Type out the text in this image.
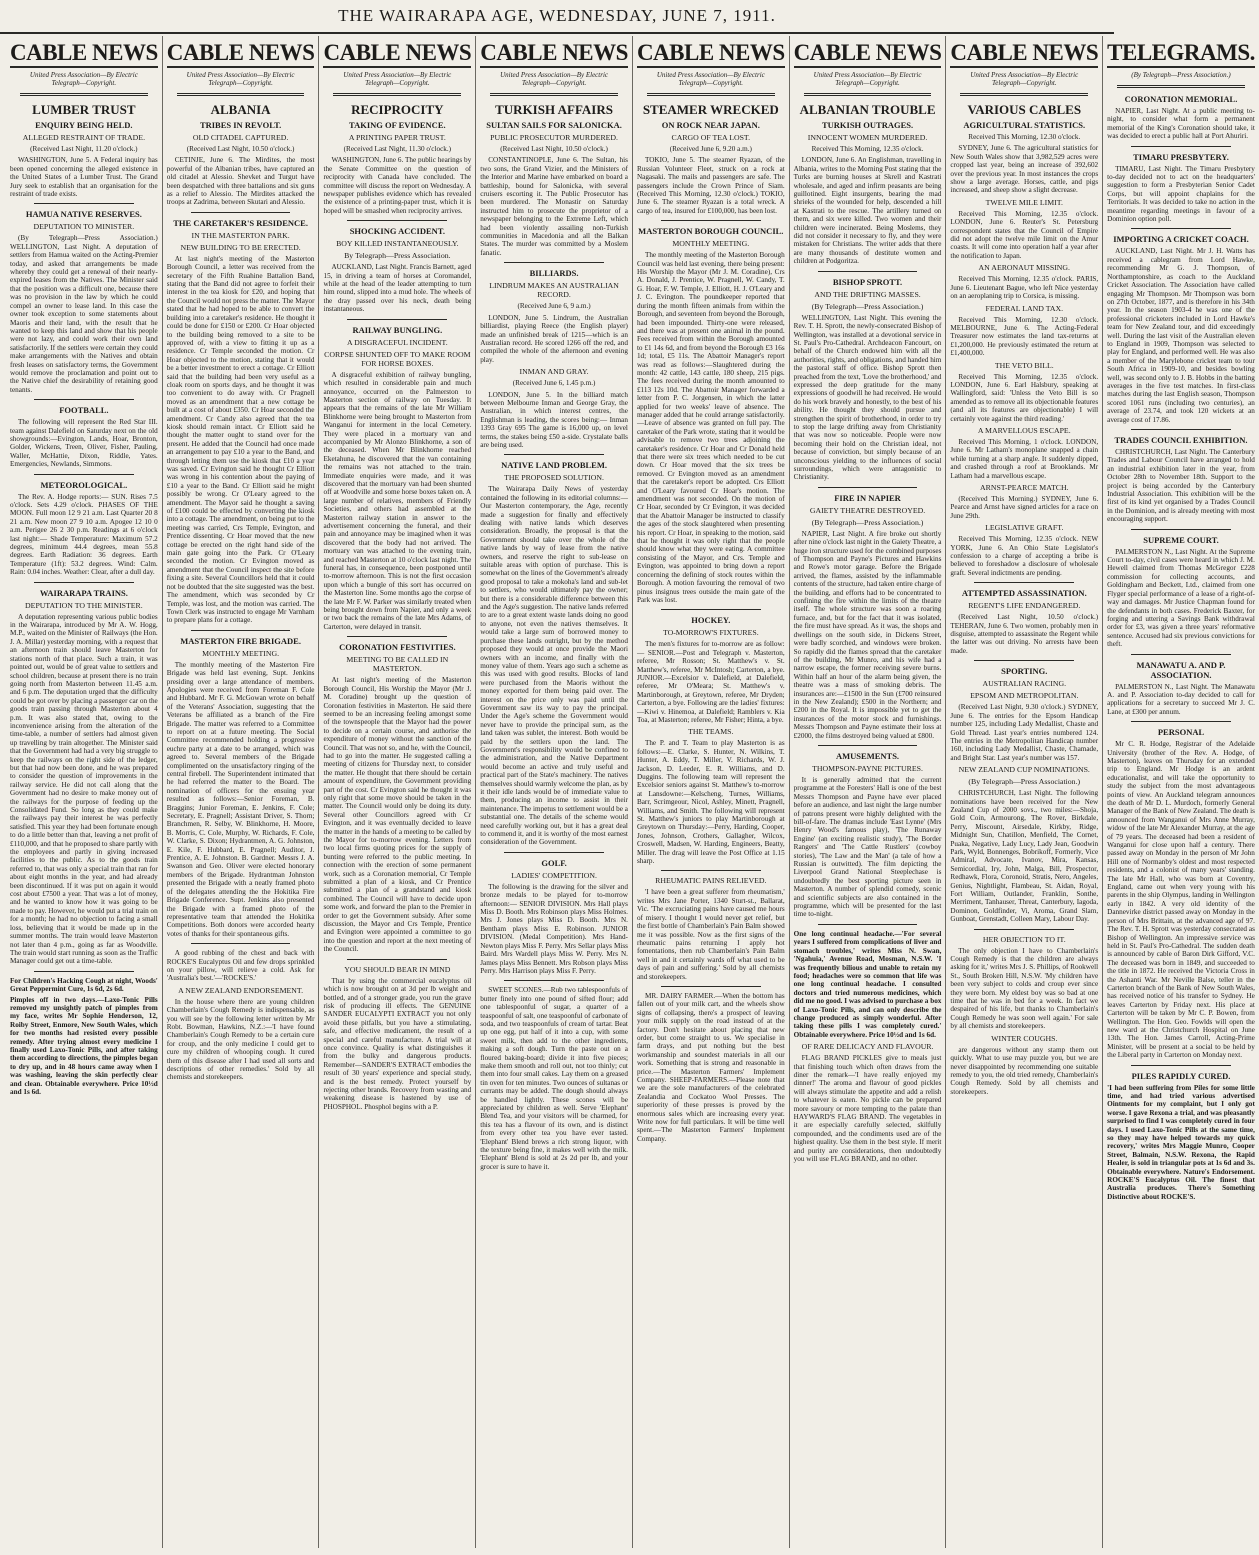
THE WAIRARAPA AGE, WEDNESDAY, JUNE 7, 1911.
CABLE NEWS
United Press Association—By Electric Telegraph—Copyright.
LUMBER TRUST
ENQUIRY BEING HELD.
ALLEGED RESTRAINT OF TRADE.
(Received Last Night, 11.20 o'clock.)

WASHINGTON, June 5. A Federal inquiry has been opened concerning the alleged existence in the United States of a Lumber Trust. The Grand Jury seek to establish that an organisation for the restraint of trade exists.

HAMUA NATIVE RESERVES.
DEPUTATION TO MINISTER.

(By Telegraph—Press Association.) WELLINGTON, Last Night. A deputation of settlers from Hamua waited on the Acting-Premier today, and asked that arrangements be made whereby they could get a renewal of their nearly-expired leases from the Natives. The Minister said that the position was a difficult one, because there was no provision in the law by which he could compel an owner to lease land. In this case the owner took exception to some statements about Maoris and their land, with the result that he wanted to keep this land and show that his people were not lazy, and could work their own land satisfactorily. If the settlers were certain they could make arrangements with the Natives and obtain fresh leases on satisfactory terms, the Government would remove the proclamation and point out to the Native chief the desirability of retaining good tenants.

FOOTBALL.

The following will represent the Red Star III. team against Dalefield on Saturday next on the old showgrounds:—Evington, Lands, Hoar, Bronton, Golder, Wickens, Treen, Oliver, Fisher, Pauling, Waller, McHattie, Dixon, Riddle, Yates. Emergencies, Newlands, Simmons.

METEOROLOGICAL.

The Rev. A. Hodge reports:— SUN. Rises 7.5 o'clock. Sets 4.29 o'clock. PHASES OF THE MOON. Full moon 12 9 21 a.m. Last Quarter 20 8 21 a.m. New moon 27 9 10 a.m. Apogee 12 10 0 a.m. Perigee 26 2 30 p.m. Readings at 6 o'clock last night:— Shade Temperature: Maximum 57.2 degrees, minimum 44.4 degrees, mean 55.8 degrees. Earth Radiation: 36 degrees. Earth Temperature (1ft): 53.2 degrees. Wind: Calm. Rain: 0.04 inches. Weather: Clear, after a dull day.

WAIRARAPA TRAINS.
DEPUTATION TO THE MINISTER.

A deputation representing various public bodies in the Wairarapa, introduced by Mr A. W. Hogg, M.P., waited on the Minister of Railways (the Hon. J. A. Millar) yesterday morning, with a request that an afternoon train should leave Masterton for stations north of that place. Such a train, it was pointed out, would be of great value to settlers and school children, because at present there is no train going north from Masterton between 11.45 a.m. and 6 p.m. The deputation urged that the difficulty could be got over by placing a passenger car on the goods train passing through Masterton about 4 p.m. It was also stated that, owing to the inconvenience arising from the alteration of the time-table, a number of settlers had almost given up travelling by train altogether. The Minister said that the Government had had a very big struggle to keep the railways on the right side of the ledger, but that had now been done, and he was prepared to consider the question of improvements in the railway service. He did not call along that the Government had no desire to make money out of the railways for the purpose of feeding up the Consolidated Fund. So long as they could make the railways pay their interest he was perfectly satisfied. This year they had been fortunate enough to do a little better than that, leaving a net profit of £110,000, and that he proposed to share partly with the employees and partly in giving increased facilities to the public. As to the goods train referred to, that was only a special train that ran for about eight months in the year, and had already been discontinued. If it was put on again it would cost about £7500 a year. That was a lot of money, and he wanted to know how it was going to be made to pay. However, he would put a trial train on for a month; he had no objection to facing a small loss, believing that it would be made up in the summer months. The train would leave Masterton not later than 4 p.m., going as far as Woodville. The train would start running as soon as the Traffic Manager could get out a time-table.

For Children's Hacking Cough at night, Woods' Great Peppermint Cure, 1s 6d, 2s 6d.

Pimples off in two days.—Laxo-Tonic Pills removed my unsightly patch of pimples from my face, writes Mr Sophie Henderson, 12, Roiby Street, Enmore, New South Wales, which for two months had resisted every possible remedy. After trying almost every medicine I finally used Laxo-Tonic Pills, and after taking them according to directions, the pimples began to dry up, and in 48 hours came away when I was washing, leaving the skin perfectly clear and clean. Obtainable everywhere. Price 10½d and 1s 6d.

CABLE NEWS
United Press Association—By Electric Telegraph—Copyright.
ALBANIA
TRIBES IN REVOLT.
OLD CITADEL CAPTURED.
(Received Last Night, 10.50 o'clock.)

CETINJE, June 6. The Mirdites, the most powerful of the Albanian tribes, have captured an old citadel at Alessio. Shevket and Turgut have been despatched with three battalions and six guns as a relief to Alessio. The Mirdites attacked the troops at Zadrima, between Skutari and Alessio.

THE CARETAKER'S RESIDENCE.
IN THE MASTERTON PARK.
NEW BUILDING TO BE ERECTED.

At last night's meeting of the Masterton Borough Council, a letter was received from the secretary of the Fifth Ruahine Battalion Band, stating that the Band did not agree to forfeit their interest in the tea kiosk for £20, and hoping that the Council would not press the matter. The Mayor stated that he had hoped to be able to convert the building into a caretaker's residence. He thought it could be done for £150 or £200. Cr Hoar objected to the building being removed to a site to be approved of, with a view to fitting it up as a residence. Cr Temple seconded the motion. Cr Hoar objected to the motion, stating that it would be a better investment to erect a cottage. Cr Elliott said that the building had been very useful as a cloak room on sports days, and he thought it was too convenient to do away with. Cr Pragnell moved as an amendment that a new cottage be built at a cost of about £350. Cr Hoar seconded the amendment. Cr Candy also agreed that the tea kiosk should remain intact. Cr Elliott said he thought the matter ought to stand over for the present. He added that the Council had once made an arrangement to pay £10 a year to the Band, and through letting them use the kiosk that £10 a year was saved. Cr Evington said he thought Cr Elliott was wrong in his contention about the paying of £10 a year to the Band. Cr Elliott said he might possibly be wrong. Cr O'Leary agreed to the amendment. The Mayor said he thought a saving of £100 could be effected by converting the kiosk into a cottage. The amendment, on being put to the meeting was carried, Crs Temple, Evington, and Prentice dissenting. Cr Hoar moved that the new cottage be erected on the right hand side of the main gate going into the Park. Cr O'Leary seconded the motion. Cr Evington moved as amendment that the Council inspect the site before fixing a site. Several Councillors held that it could not be doubted that the site suggested was the best. The amendment, which was seconded by Cr Temple, was lost, and the motion was carried. The Town Clerk was instructed to engage Mr Varnham to prepare plans for a cottage.

MASTERTON FIRE BRIGADE.
MONTHLY MEETING.

The monthly meeting of the Masterton Fire Brigade was held last evening, Supt. Jenkins presiding over a large attendance of members. Apologies were received from Foreman F. Cole and Hubbard. Mr F. G. McGowan wrote on behalf of the Veterans' Association, suggesting that the Veterans be affiliated as a branch of the Fire Brigade. The matter was referred to a Committee to report on at a future meeting. The Social Committee recommended holding a progressive euchre party at a date to be arranged, which was agreed to. Several members of the Brigade complimented on the unsatisfactory ringing of the central firebell. The Superintendent intimated that he had referred the matter to the Board. The nomination of officers for the ensuing year resulted as follows:—Senior Foreman, B. Braggins; Junior Foreman, E. Jenkins, F. Cole; Secretary, E. Pragnell; Assistant Driver, S. Thorn; Branchmen, R. Selby, W. Blinkhorne, H. Moore, B. Morris, C. Cole, Murphy, W. Richards, F. Cole, W. Clarke, S. Dixon; Hydrantmen, A. G. Johnston, E. Kile, F. Hubbard, E. Pragnell; Auditor, J. Prentice, A. E. Johnston. B. Gardner. Messrs J. A. Swanson and Geo. Oliver were elected honorary members of the Brigade. Hydrantman Johnston presented the Brigade with a neatly framed photo of the delegates attending the the Hokitika Fire Brigade Conference. Supt. Jenkins also presented the Brigade with a framed photo of the representative team that attended the Hokitika Competitions. Both donors were accorded hearty votes of thanks for their spontaneous gifts.

A good rubbing of the chest and back with ROCKE'S Eucalyptus Oil and few drops sprinkled on your pillow, will relieve a cold. Ask for 'Australia's best.'—'ROCKE'S.'

A NEW ZEALAND ENDORSEMENT.

In the house where there are young children Chamberlain's Cough Remedy is indispensable, as you will see by the following letter written by Mr Robt. Bowman, Hawkins, N.Z.:—'I have found Chamberlain's Cough Remedy to be a certain cure for croup, and the only medicine I could get to cure my children of whooping cough. It cured them of this disease after I had used all sorts and descriptions of other remedies.' Sold by all chemists and storekeepers.

CABLE NEWS
United Press Association—By Electric Telegraph—Copyright.
RECIPROCITY
TAKING OF EVIDENCE.
A PRINTING PAPER TRUST.
(Received Last Night, 11.30 o'clock.)

WASHINGTON, June 6. The public hearings by the Senate Committee on the question of reciprocity with Canada have concluded. The committee will discuss the report on Wednesday. A newspaper publishes evidence which has revealed the existence of a printing-paper trust, which it is hoped will be smashed when reciprocity arrives.

SHOCKING ACCIDENT.
BOY KILLED INSTANTANEOUSLY.
By Telegraph—Press Association.

AUCKLAND, Last Night. Francis Barnett, aged 15, in driving a team of horses at Coromandel, while at the head of the leader attempting to turn him round, slipped into a mud hole. The wheels of the dray passed over his neck, death being instantaneous.

RAILWAY BUNGLING.
A DISGRACEFUL INCIDENT.
CORPSE SHUNTED OFF TO MAKE ROOM FOR HORSE BOXES.

A disgraceful exhibition of railway bungling, which resulted in considerable pain and much annoyance, occurred on the Palmerston to Masterton section of railway on Tuesday. It appears that the remains of the late Mr William Blinkhorne were being brought to Masterton from Wanganui for interment in the local Cemetery. They were placed in a mortuary van and accompanied by Mr Alonzo Blinkhorne, a son of the deceased. When Mr Blinkhorne reached Eketahuna, he discovered that the van containing the remains was not attached to the train. Immediate enquiries were made, and it was discovered that the mortuary van had been shunted off at Woodville and some horse boxes taken on. A large number of relatives, members of Friendly Societies, and others had assembled at the Masterton railway station in answer to the advertisement concerning the funeral, and their pain and annoyance may be imagined when it was discovered that the body had not arrived. The mortuary van was attached to the evening train, and reached Masterton at 10 o'clock last night. The funeral has, in consequence, been postponed until to-morrow afternoon. This is not the first occasion upon which a bungle of this sort has occurred on the Masterton line. Some months ago the corpse of the late Mr F. W. Parker was similarly treated when being brought down from Napier, and only a week or two back the remains of the late Mrs Adams, of Carterton, were delayed in transit.

CORONATION FESTIVITIES.
MEETING TO BE CALLED IN MASTERTON.

At last night's meeting of the Masterton Borough Council, His Worship the Mayor (Mr J. M. Coradine) brought up the question of Coronation festivities in Masterton. He said there seemed to be an increasing feeling amongst some of the townspeople that the Mayor had the power to decide on a certain course, and authorise the expenditure of money without the sanction of the Council. That was not so, and he, with the Council, had to go into the matter. He suggested calling a meeting of citizens for Thursday next, to consider the matter. He thought that there should be certain amount of expenditure, the Government providing part of the cost. Cr Evington said he thought it was only right that some move should be taken in the matter. The Council would only be doing its duty. Several other Councillors agreed with Cr Evington, and it was eventually decided to leave the matter in the hands of a meeting to be called by the Mayor for to-morrow evening. Letters from two local firms quoting prices for the supply of bunting were referred to the public meeting. In connection with the erection of some permanent work, such as a Coronation memorial, Cr Temple submitted a plan of a kiosk, and Cr Prentice submitted a plan of a grandstand and kiosk combined. The Council will have to decide upon some work, and forward the plan to the Premier in order to get the Government subsidy. After some discussion, the Mayor and Crs Temple, Prentice and Evington were appointed a committee to go into the question and report at the next meeting of the Council.

YOU SHOULD BEAR IN MIND

That by using the commercial eucalyptus oil which is now brought on at 3d per lb weight and bottled, and of a stronger grade, you run the grave risk of producing ill effects. The GENUINE SANDER EUCALYPTI EXTRACT you not only avoid these pitfalls, but you have a stimulating, safe, and effective medicament, the result of a special and careful manufacture. A trial will at once convince. Quality is what distinguishes it from the bulky and dangerous products. Remember—SANDER'S EXTRACT embodies the result of 30 years' experience and special study, and is the best remedy. Protect yourself by rejecting other brands. Recovery from wasting and weakening disease is hastened by use of PHOSPHOL. Phosphol begins with a P.

CABLE NEWS
United Press Association—By Electric Telegraph—Copyright.
TURKISH AFFAIRS
SULTAN SAILS FOR SALONICKA.
PUBLIC PROSECUTOR MURDERED.
(Received Last Night, 10.50 o'clock.)

CONSTANTINOPLE, June 6. The Sultan, his two sons, the Grand Vizier, and the Ministers of the Interior and Marine have embarked on board a battleship, bound for Salonicka, with several cruisers escorting it. The Public Prosecutor has been murdered. The Monastir on Saturday instructed him to prosecute the proprietor of a newspaper belonging to the Extreme Left, which had been violently assailing non-Turkish communities in Macedonia and all the Balkan States. The murder was committed by a Moslem fanatic.

BILLIARDS.
LINDRUM MAKES AN AUSTRALIAN RECORD.
(Received June 6, 9 a.m.)

LONDON, June 5. Lindrum, the Australian billiardist, playing Reece (the English player) made an unfinished break of 1215—which is an Australian record. He scored 1266 off the red, and compiled the whole of the afternoon and evening play.

INMAN AND GRAY.
(Received June 6, 1.45 p.m.)

LONDON, June 5. In the billiard match between Melbourne Inman and George Gray, the Australian, in which interest centres, the Englishman is leading, the scores being:— Inman 1393 Gray 695 The game is 16,000 up, on level terms, the stakes being £50 a-side. Crystalate balls are being used.

NATIVE LAND PROBLEM.
THE PROPOSED SOLUTION.

The Wairarapa Daily News of yesterday contained the following in its editorial columns:—Our Masterton contemporary, the Age, recently made a suggestion for finally and effectively dealing with native lands which deserves consideration. Broadly, the proposal is that the Government should take over the whole of the native lands by way of lease from the native owners, and reserve the right to sub-lease on suitable areas with option of purchase. This is somewhat on the lines of the Government's already good proposal to take a mokoha's land and sub-let to settlers, who would ultimately pay the owner; but there is a considerable difference between this and the Age's suggestion. The native lands referred to are to a great extent waste lands doing no good to anyone, not even the natives themselves. It would take a large sum of borrowed money to purchase these lands outright, but by the method proposed they would at once provide the Maori owners with an income, and finally with the money value of them. Years ago such a scheme as this was used with good results. Blocks of land were purchased from the Maoris without the money exported for them being paid over. The interest on the price only was paid until the Government saw its way to pay the principal. Under the Age's scheme the Government would never have to provide the principal sum, as the land taken was sublet, the interest. Both would be paid by the settlers upon the land. The Government's responsibility would be confined to the administration, and the Native Department would become an active and truly useful and practical part of the State's machinery. The natives themselves should warmly welcome the plan, as by it their idle lands would be of immediate value to them, producing an income to assist in their maintenance. The impetus to settlement would be a substantial one. The details of the scheme would need carefully working out, but it has a great deal to commend it, and it is worthy of the most earnest consideration of the Government.

GOLF.
LADIES' COMPETITION.

The following is the drawing for the silver and bronze medals to be played for to-morrow afternoon:— SENIOR DIVISION. Mrs Hall plays Miss D. Booth. Mrs Robinson plays Miss Holmes. Mrs J. Jones plays Miss D. Booth. Mrs N. Bentham plays Miss E. Robinson. JUNIOR DIVISION. (Medal Competition). Mrs Hand-Newton plays Miss F. Perry. Mrs Sellar plays Miss Baird. Mrs Wardell plays Miss W. Perry. Mrs N. James plays Miss Bennett. Mrs Robson plays Miss Perry. Mrs Harrison plays Miss F. Perry.

SWEET SCONES.—Rub two tablespoonfuls of butter finely into one pound of sifted flour; add one tablespoonful of sugar, a quarter of a teaspoonful of salt, one teaspoonful of carbonate of soda, and two teaspoonfuls of cream of tartar. Beat up one egg, put half of it into a cup, with some sweet milk, then add to the other ingredients, making a soft dough. Turn the paste out on a floured baking-board; divide it into five pieces; make them smooth and roll out, not too thinly; cut them into four small cakes. Lay them on a greased tin oven for ten minutes. Two ounces of sultanas or currants may be added. The dough should always be handled lightly. These scones will be appreciated by children as well. Serve 'Elephant' Blend Tea, and your visitors will be charmed, for this tea has a flavour of its own, and is distinct from every other tea you have ever tasted. 'Elephant' Blend brews a rich strong liquor, with the texture being fine, it makes well with the milk. 'Elephant' Blend is sold at 2s 2d per lb, and your grocer is sure to have it.

CABLE NEWS
United Press Association—By Electric Telegraph—Copyright.
STEAMER WRECKED
ON ROCK NEAR JAPAN.
CARGO OF TEA LOST.
(Received June 6, 9.20 a.m.)

TOKIO, June 5. The steamer Ryazan, of the Russian Volunteer Fleet, struck on a rock at Nagasaki. The mails and passengers are safe. The passengers include the Crown Prince of Siam. (Received This Morning, 12.30 o'clock.) TOKIO, June 6. The steamer Ryazan is a total wreck. A cargo of tea, insured for £100,000, has been lost.

MASTERTON BOROUGH COUNCIL.
MONTHLY MEETING.

The monthly meeting of the Masterton Borough Council was held last evening, there being present: His Worship the Mayor (Mr J. M. Coradine), Crs A. Donald, J. Prentice, W. Pragnell, W. Candy, T. G. Hoar, F. W. Temple, J. Elliott, H. J. O'Leary and J. C. Evington. The poundkeeper reported that during the month fifteen animals from within the Borough, and seventeen from beyond the Borough, had been impounded. Thirty-one were released, and there was at present one animal in the pound. Fees received from within the Borough amounted to £1 14s 6d, and from beyond the Borough £3 16s 1d; total, £5 11s. The Abattoir Manager's report was read as follows:—Slaughtered during the month: 42 cattle, 143 cattle, 180 sheep, 215 pigs. The fees received during the month amounted to £113 12s 10d. The Abattoir Manager forwarded a letter from P. C. Jorgensen, in which the latter applied for two weeks' leave of absence. The manager added that he could arrange satisfactorily.—Leave of absence was granted on full pay. The caretaker of the Park wrote, stating that it would be advisable to remove two trees adjoining the caretaker's residence. Cr Hoar and Cr Donald held that there were six trees which needed to be cut down. Cr Hoar moved that the six trees be removed. Cr Evington moved as an amendment that the caretaker's report be adopted. Crs Elliott and O'Leary favoured Cr Hoar's motion. The amendment was not seconded. On the motion of Cr Hoar, seconded by Cr Evington, it was decided that the Abattoir Manager be instructed to classify the ages of the stock slaughtered when presenting his report. Cr Hoar, in speaking to the motion, said that he thought it was only right that the people should know what they were eating. A committee consisting of the Mayor, and Crs. Temple and Evington, was appointed to bring down a report concerning the defining of stock routes within the Borough. A motion favouring the removal of two pinus insignus trees outside the main gate of the Park was lost.

HOCKEY.
TO-MORROW'S FIXTURES.

The men's fixtures for to-morrow are as follow:— SENIOR.—Post and Telegraph v. Masterton, referee, Mr Rosson; St. Matthew's v. St. Matthew's, referee, Mr McIntosh; Carterton, a bye. JUNIOR.—Excelsior v. Dalefield, at Dalefield, referee, Mr O'Meara; St. Matthew's v. Martinborough, at Greytown, referee, Mr Dryden; Carterton, a bye. Following are the ladies' fixtures:—Kiwi v. Hinemoa, at Dalefield; Ramblers v. Kia Toa, at Masterton; referee, Mr Fisher; Hinta, a bye.

THE TEAMS.

The P. and T. Team to play Masterton is as follows:—E. Clarke, S. Hunter, N. Wilkins, T. Hunter, A. Eddy, T. Miller, V. Richards, W. J. Jackson, D. Leeder, E. R. Williams, and D. Duggins. The following team will represent the Excelsior seniors against St. Matthew's to-morrow at Lansdowne:—Kelscheng, Turnes, Williams, Barr, Scrimgeour, Nicol, Ashley, Minett, Pragnell, Williams, and Smith. The following will represent St. Matthew's juniors to play Martinborough at Greytown on Thursday:—Perry, Harding, Cooper, Jones, Johnson, Crothers, Gallagher, Wilcox, Croswell, Madsen, W. Harding, Engineers, Beatty, Miller. The drag will leave the Post Office at 1.15 sharp.

RHEUMATIC PAINS RELIEVED.

'I have been a great sufferer from rheumatism,' writes Mrs Jane Porter, 1340 Sturt-st., Ballarat, Vic. 'The excruciating pains have caused me hours of misery. I thought I would never get relief, but the first bottle of Chamberlain's Pain Balm showed me it was possible. Now as the first signs of the rheumatic pains returning I apply hot fomentations, then rub Chamberlain's Pain Balm well in and it certainly wards off what used to be days of pain and suffering.' Sold by all chemists and storekeepers.

MR. DAIRY FARMER.—When the bottom has fallen out of your milk cart, and the wheels show signs of collapsing, there's a prospect of leaving your milk supply on the road instead of at the factory. Don't hesitate about placing that new order, but come straight to us. We specialise in farm drays, and put nothing but the best workmanship and soundest materials in all our work. Something that is strong and reasonable in price.—The Masterton Farmers' Implement Company. SHEEP-FARMERS.—Please note that we are the sole manufacturers of the celebrated Zealandia and Cockatoo Wool Presses. The superiority of these presses is proved by the enormous sales which are increasing every year. Write now for full particulars. It will be time well spent.—The Masterton Farmers' Implement Company.

CABLE NEWS
United Press Association—By Electric Telegraph—Copyright.
ALBANIAN TROUBLE
TURKISH OUTRAGES.
INNOCENT WOMEN MURDERED.
Received This Morning, 12.35 o'clock.

LONDON, June 6. An Englishman, travelling in Albania, writes to the Morning Post stating that the Turks are burning houses at Skrell and Kastrati wholesale, and aged and infirm peasants are being guillotined. Eight insurgents, bearing the mad shrieks of the wounded for help, descended a hill at Kastrati to the rescue. The artillery turned on them, and six were killed. Two women and their children were incinerated. Being Moslems, they did not consider it necessary to fly, and they were mistaken for Christians. The writer adds that there are many thousands of destitute women and children at Podgoritza.

BISHOP SPROTT.
AND THE DRIFTING MASSES.
(By Telegraph—Press Association.)

WELLINGTON, Last Night. This evening the Rev. T. H. Sprott, the newly-consecrated Bishop of Wellington, was installed at a devotional service in St. Paul's Pro-Cathedral. Archdeacon Fancourt, on behalf of the Church endowed him with all the authorities, rights, and obligations, and handed him the pastoral staff of office. Bishop Sprott then preached from the text, 'Love the brotherhood,' and expressed the deep gratitude for the many expressions of goodwill he had received. He would do his work bravely and honestly, to the best of his ability. He thought they should pursue and strengthen the spirit of brotherhood, in order to try to stop the large drifting away from Christianity that was now so noticeable. People were now becoming their hold on the Christian ideal, not because of conviction, but simply because of an unconscious yielding to the influences of social surroundings, which were antagonistic to Christianity.

FIRE IN NAPIER
GAIETY THEATRE DESTROYED.
(By Telegraph—Press Association.)

NAPIER, Last Night. A fire broke out shortly after nine o'clock last night in the Gaiety Theatre, a huge iron structure used for the combined purposes of Thompson and Payne's Pictures and Hawkins and Rowe's motor garage. Before the Brigade arrived, the flames, assisted by the inflammable contents of the structure, had taken entire charge of the building, and efforts had to be concentrated to confining the fire within the limits of the theatre itself. The whole structure was soon a roaring furnace, and, but for the fact that it was isolated, the fire must have spread. As it was, the shops and dwellings on the south side, in Dickens Street, were badly scorched, and windows were broken. So rapidly did the flames spread that the caretaker of the building, Mr Munro, and his wife had a narrow escape, the former receiving severe burns. Within half an hour of the alarm being given, the theatre was a mass of smoking debris. The insurances are:—£1500 in the Sun (£700 reinsured in the New Zealand); £500 in the Northern; and £200 in the Royal. It is impossible yet to get the insurances of the motor stock and furnishings. Messrs Thompson and Payne estimate their loss at £2000, the films destroyed being valued at £800.

AMUSEMENTS.
THOMPSON-PAYNE PICTURES.

It is generally admitted that the current programme at the Foresters' Hall is one of the best Messrs Thompson and Payne have ever placed before an audience, and last night the large number of patrons present were highly delighted with the bill-of-fare. The dramas include 'East Lynne' (Mrs Henry Wood's famous play), 'The Runaway Engine' (an exciting realistic study), 'The Border Rangers' and 'The Cattle Rustlers' (cowboy stories), 'The Law and the Man' (a tale of how a Russian is outwitted). The film depicting the Liverpool Grand National Steeplechase is undoubtedly the best sporting picture seen in Masterton. A number of splendid comedy, scenic and scientific subjects are also contained in the programme, which will be presented for the last time to-night.

One long continual headache.—'For several years I suffered from complications of liver and stomach troubles,' writes Miss N. Swan, 'Ngahuia,' Avenue Road, Mosman, N.S.W. 'I was frequently bilious and unable to retain my food; headaches were so common that life was one long continual headache. I consulted doctors and tried numerous medicines, which did me no good. I was advised to purchase a box of Laxo-Tonic Pills, and can only describe the change produced as simply wonderful. After taking these pills I was completely cured.' Obtainable everywhere. Price 10½d and 1s 6d.

OF RARE DELICACY AND FLAVOUR.

FLAG BRAND PICKLES give to meals just that finishing touch which often draws from the diner the remark—'I have really enjoyed my dinner!' The aroma and flavour of good pickles will always stimulate the appetite and add a relish to whatever is eaten. No pickle can be prepared more savoury or more tempting to the palate than HAYWARD'S FLAG BRAND. The vegetables in it are especially carefully selected, skilfully compounded, and the condiments used are of the highest quality. Use them in the best style. If merit and purity are considerations, then undoubtedly you will use FLAG BRAND, and no other.

CABLE NEWS
United Press Association—By Electric Telegraph—Copyright.
VARIOUS CABLES
AGRICULTURAL STATISTICS.
Received This Morning, 12.30 o'clock.

SYDNEY, June 6. The agricultural statistics for New South Wales show that 3,982,529 acres were cropped last year, being an increase of 392,602 over the previous year. In most instances the crops show a large average. Horses, cattle, and pigs increased, and sheep show a slight decrease.

TWELVE MILE LIMIT.

Received This Morning, 12.35 o'clock. LONDON, June 6. Reuter's St. Petersburg correspondent states that the Council of Empire did not adopt the twelve mile limit on the Amur coasts. It will come into operation half a year after the notification to Japan.

AN AERONAUT MISSING.

Received This Morning, 12.35 o'clock. PARIS, June 6. Lieutenant Bague, who left Nice yesterday on an aeroplaning trip to Corsica, is missing.

FEDERAL LAND TAX.

Received This Morning, 12.30 o'clock. MELBOURNE, June 6. The Acting-Federal Treasurer now estimates the land tax-returns at £1,200,000. He previously estimated the return at £1,400,000.

THE VETO BILL.

Received This Morning, 12.35 o'clock. LONDON, June 6. Earl Halsbury, speaking at Wallingford, said: 'Unless the Veto Bill is so amended as to remove all its objectionable features (and all its features are objectionable) I will certainly vote against the third reading.'

A MARVELLOUS ESCAPE.

Received This Morning, 1 o'clock. LONDON, June 6. Mr Latham's monoplane snapped a chain while turning at a sharp angle. It suddenly dipped, and crashed through a roof at Brooklands. Mr Latham had a marvellous escape.

ARNST-PEARCE MATCH.

(Received This Morning.) SYDNEY, June 6. Pearce and Arnst have signed articles for a race on June 29th.

LEGISLATIVE GRAFT.

Received This Morning, 12.35 o'clock. NEW YORK, June 6. An Ohio State Legislator's confession to a charge of accepting a bribe is believed to foreshadow a disclosure of wholesale graft. Several indictments are pending.

ATTEMPTED ASSASSINATION.
REGENT'S LIFE ENDANGERED.

(Received Last Night, 10.50 o'clock.) TEHERAN, June 6. Two women, probably men in disguise, attempted to assassinate the Regent while the latter was out driving. No arrests have been made.

SPORTING.
AUSTRALIAN RACING.
EPSOM AND METROPOLITAN.

(Received Last Night, 9.30 o'clock.) SYDNEY, June 6. The entries for the Epsom Handicap number 125, including Lady Medallist, Chaste and Gold Thread. Last year's entries numbered 124. The entries in the Metropolitan Handicap number 160, including Lady Medallist, Chaste, Chamade, and Bright Star. Last year's number was 157.

NEW ZEALAND CUP NOMINATIONS.
(By Telegraph—Press Association.)

CHRISTCHURCH, Last Night. The following nominations have been received for the New Zealand Cup of 2000 sovs., two miles:—Shoja, Gold Coin, Armourong, The Rover, Birkdale, Perry, Miscount, Airsedale, Kirkby, Ridge, Midnight Sun, Chatillon, Menfield, The Cornet, Puaka, Negative, Lady Lucy, Lady Jean, Goodwin Park, Wyld, Bonnenges, Bobrikoff, Formerly, Vice Admiral, Advocate, Ivanov, Mira, Kansas, Semicordial, Iry, John, Malga, Bill, Prospector, Redhawk, Flora, Coronoid, Stratis, Nero, Angeles, Genius, Nightlight, Flambeau, St. Aidan, Royal, Fort William, Outlander, Franklin, Sonthe, Merriment, Tanhauser, Threat, Canterbury, Iagoda, Dominon, Goldfinder, Vi, Aroma, Grand Slam, Gunboat, Grenstadt, Colleen Mary, Labour Day.

HER OBJECTION TO IT.

The only objection I have to Chamberlain's Cough Remedy is that the children are always asking for it,' writes Mrs J. S. Phillips, of Rookwell St., South Broken Hill, N.S.W. 'My children have been very subject to colds and croup ever since they were born. My eldest boy was so bad at one time that he was in bed for a week. In fact we despaired of his life, but thanks to Chamberlain's Cough Remedy he was soon well again.' For sale by all chemists and storekeepers.

WINTER COUGHS.

are dangerous without any stamp them out quickly. What to use may puzzle you, but we are never disappointed by recommending one suitable remedy to you, the old tried remedy, Chamberlain's Cough Remedy. Sold by all chemists and storekeepers.

TELEGRAMS.
(By Telegraph—Press Association.)
CORONATION MEMORIAL.

NAPIER, Last Night. At a public meeting to-night, to consider what form a permanent memorial of the King's Coronation should take, it was decided to erect a public hall at Port Ahuriri.

TIMARU PRESBYTERY.

TIMARU, Last Night. The Timaru Presbytery to-day decided not to act on the headquarters' suggestion to form a Presbyterian Senior Cadet Corps, but will appoint chaplains for the Territorials. It was decided to take no action in the meantime regarding meetings in favour of a Dominion option poll.

IMPORTING A CRICKET COACH.

AUCKLAND, Last Night. Mr J. H. Watts has received a cablegram from Lord Hawke, recommending Mr G. J. Thompson, of Northamptonshire, as coach to the Auckland Cricket Association. The Association have called engaging Mr Thompson. Mr Thompson was born on 27th October, 1877, and is therefore in his 34th year. In the season 1903-4 he was one of the professional cricketers included in Lord Hawke's team for New Zealand tour, and did exceedingly well. During the last visit of the Australian eleven to England in 1909, Thompson was selected to play for England, and performed well. He was also a member of the Marylebone cricket team to tour South Africa in 1909-10, and besides bowling well, was second only to J. B. Hobbs in the batting averages in the five test matches. In first-class matches during the last English season, Thompson scored 1061 runs (including two centuries), an average of 23.74, and took 120 wickets at an average cost of 17.86.

TRADES COUNCIL EXHIBITION.

CHRISTCHURCH, Last Night. The Canterbury Trades and Labour Council have arranged to hold an industrial exhibition later in the year, from October 28th to November 18th. Support to the project is being accorded by the Canterbury Industrial Association. This exhibition will be the first of its kind yet organised by a Trades Council in the Dominion, and is already meeting with most encouraging support.

SUPREME COURT.

PALMERSTON N., Last Night. At the Supreme Court to-day, civil cases were heard in which J. M. Hewell claimed from Thomas McGregor £228 commission for collecting accounts, and Goldingham and Beckett, Ltd., claimed from one Flyger special performance of a lease of a right-of-way and damages. Mr Justice Chapman found for the defendants in both cases. Frederick Baxter, for forging and uttering a Savings Bank withdrawal order for £3, was given a three years' reformative sentence. Accused had six previous convictions for theft.

MANAWATU A. AND P. ASSOCIATION.

PALMERSTON N., Last Night. The Manawatu A. and P. Association to-day decided to call for applications for a secretary to succeed Mr J. C. Lane, at £300 per annum.

PERSONAL

Mr C. R. Hodge, Registrar of the Adelaide University (brother of the Rev. A. Hodge, of Masterton), leaves on Thursday for an extended trip to England. Mr Hodge is an ardent educationalist, and will take the opportunity to study the subject from the most advantageous points of view. An Auckland telegram announces the death of Mr D. L. Murdoch, formerly General Manager of the Bank of New Zealand. The death is announced from Wanganui of Mrs Anne Murray, widow of the late Mr Alexander Murray, at the age of 79 years. The deceased had been a resident of Wanganui for close upon half a century. There passed away on Monday in the person of Mr John Hill one of Normanby's oldest and most respected residents, and a colonist of many years' standing. The late Mr Hall, who was born at Coventry, England, came out when very young with his parents in the ship Olympus, landing in Wellington early in 1842. A very old identity of the Dannevirke district passed away on Monday in the person of Mrs Brittain, at the advanced age of 97. The Rev. T. H. Sprott was yesterday consecrated as Bishop of Wellington. An impressive service was held in St. Paul's Pro-Cathedral. The sudden death is announced by cable of Baron Dirk Gifford, V.C. The deceased was born in 1849, and succeeded to the title in 1872. He received the Victoria Cross in the Ashanti War. Mr Neville Balse, teller in the Carterton branch of the Bank of New South Wales, has received notice of his transfer to Sydney. He leaves Carterton by Friday next. His place at Carterton will be taken by Mr C. P. Bowen, from Wellington. The Hon. Geo. Fowlds will open the new ward at the Christchurch Hospital on June 13th. The Hon. James Carroll, Acting-Prime Minister, will be present at a social to be held by the Liberal party in Carterton on Monday next.

PILES RAPIDLY CURED.

'I had been suffering from Piles for some little time, and had tried various advertised Ointments for my complaint, but I only got worse. I gave Rexona a trial, and was pleasantly surprised to find I was completely cured in four days. I used Laxo-Tonic Pills at the same time, so they may have helped towards my quick recovery,' writes Mrs Maggie Munro, Cooper Street, Balmain, N.S.W. Rexona, the Rapid Healer, is sold in triangular pots at 1s 6d and 3s. Obtainable everywhere. Nature's Endorsement. ROCKE'S Eucalyptus Oil. The finest that Australia produces. There's Something Distinctive about ROCKE'S.
